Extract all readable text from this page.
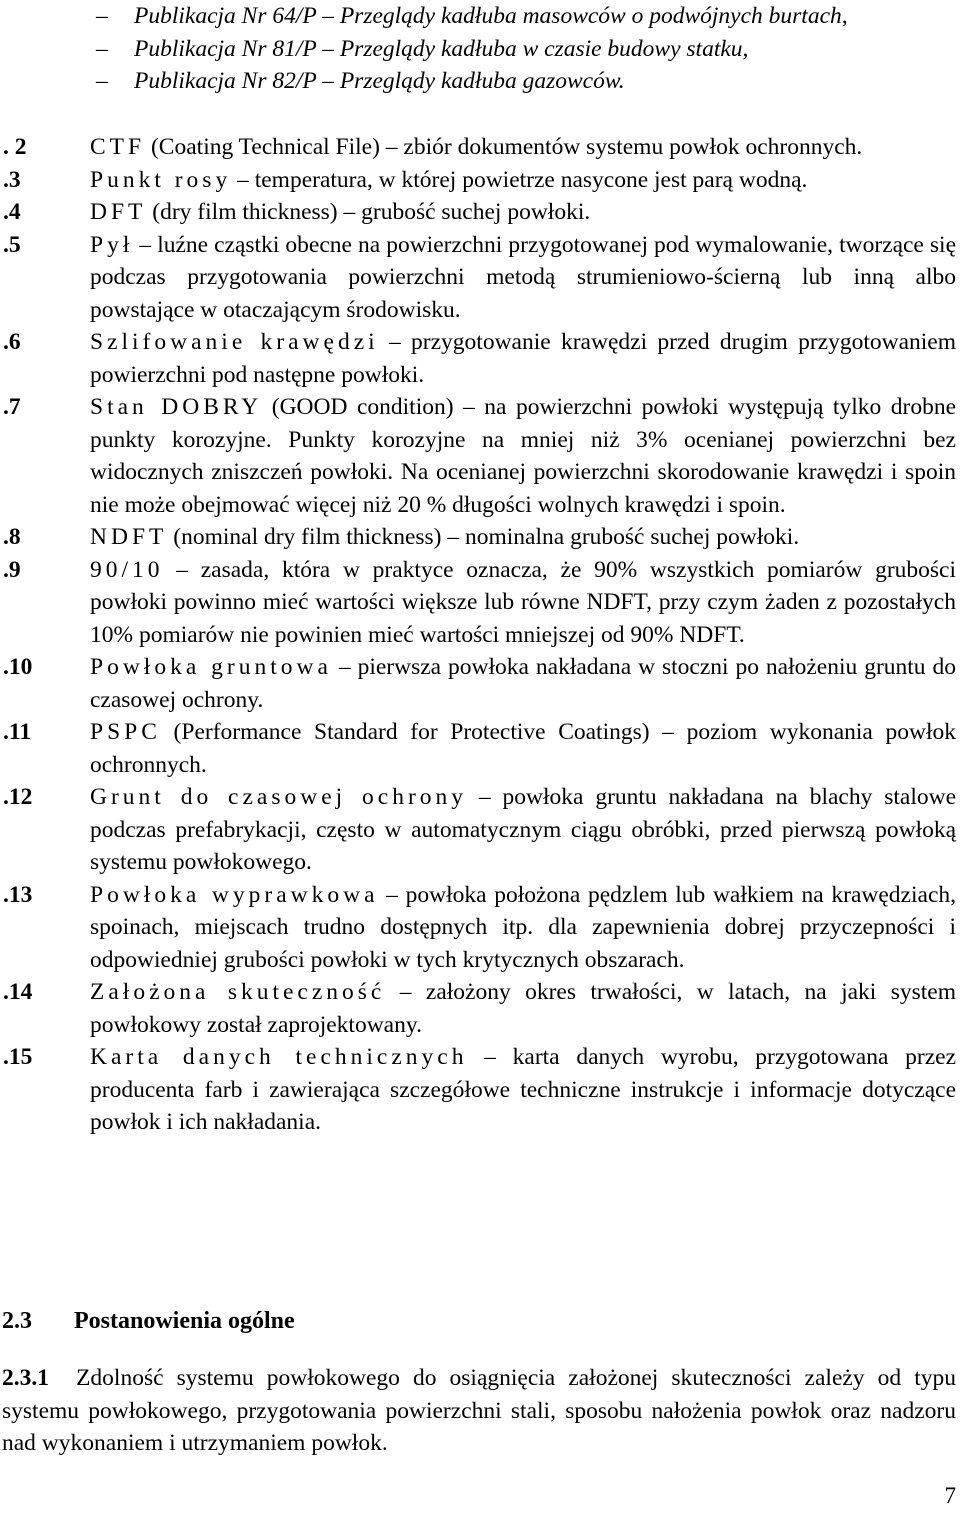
– Publikacja Nr 64/P – Przeglądy kadłuba masowców o podwójnych burtach,
– Publikacja Nr 81/P – Przeglądy kadłuba w czasie budowy statku,
– Publikacja Nr 82/P – Przeglądy kadłuba gazowców.
. 2	CTF (Coating Technical File) – zbiór dokumentów systemu powłok ochronnych.
.3	Punkt rosy – temperatura, w której powietrze nasycone jest parą wodną.
.4	DFT (dry film thickness) – grubość suchej powłoki.
.5	Pył – luźne cząstki obecne na powierzchni przygotowanej pod wymalowanie, tworzące się podczas przygotowania powierzchni metodą strumieniowo-ścierną lub inną albo powstające w otaczającym środowisku.
.6	Szlifowanie krawędzi – przygotowanie krawędzi przed drugim przygotowaniem powierzchni pod następne powłoki.
.7	Stan DOBRY (GOOD condition) – na powierzchni powłoki występują tylko drobne punkty korozyjne. Punkty korozyjne na mniej niż 3% ocenianej powierzchni bez widocznych zniszczeń powłoki. Na ocenianej powierzchni skorodowanie krawędzi i spoin nie może obejmować więcej niż 20 % długości wolnych krawędzi i spoin.
.8	NDFT (nominal dry film thickness) – nominalna grubość suchej powłoki.
.9	90/10 – zasada, która w praktyce oznacza, że 90% wszystkich pomiarów grubości powłoki powinno mieć wartości większe lub równe NDFT, przy czym żaden z pozostałych 10% pomiarów nie powinien mieć wartości mniejszej od 90% NDFT.
.10	Powłoka gruntowa – pierwsza powłoka nakładana w stoczni po nałożeniu gruntu do czasowej ochrony.
.11	PSPC (Performance Standard for Protective Coatings) – poziom wykonania powłok ochronnych.
.12	Grunt do czasowej ochrony – powłoka gruntu nakładana na blachy stalowe podczas prefabrykacji, często w automatycznym ciągu obróbki, przed pierwszą powłoką systemu powłokowego.
.13	Powłoka wyprawkowa – powłoka położona pędzlem lub wałkiem na krawędziach, spoinach, miejscach trudno dostępnych itp. dla zapewnienia dobrej przyczepności i odpowiedniej grubości powłoki w tych krytycznych obszarach.
.14	Założona skuteczność – założony okres trwałości, w latach, na jaki system powłokowy został zaprojektowany.
.15	Karta danych technicznych – karta danych wyrobu, przygotowana przez producenta farb i zawierająca szczegółowe techniczne instrukcje i informacje dotyczące powłok i ich nakładania.
2.3 Postanowienia ogólne
2.3.1 Zdolność systemu powłokowego do osiągnięcia założonej skuteczności zależy od typu systemu powłokowego, przygotowania powierzchni stali, sposobu nałożenia powłok oraz nadzoru nad wykonaniem i utrzymaniem powłok.
7
